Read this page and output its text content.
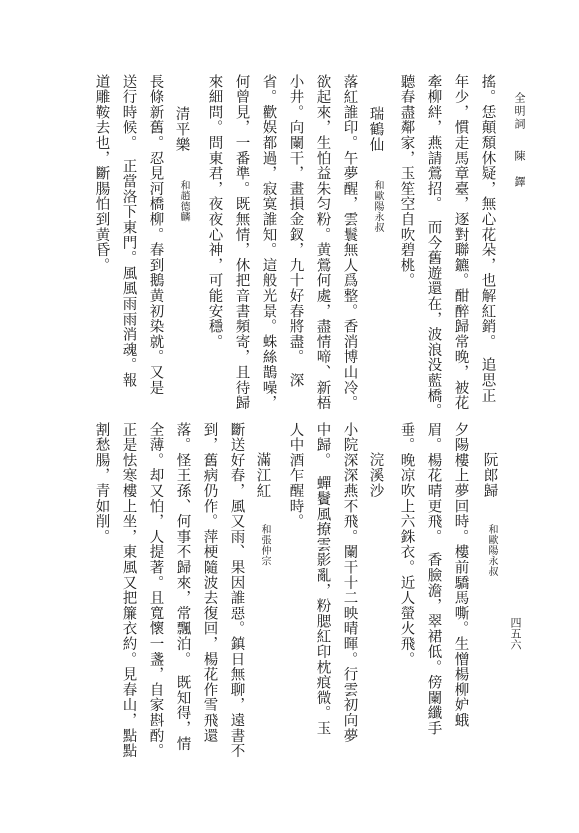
全明詞
陳　鐸
四五六
搖。恁顛頹休疑，無心花朵，也解紅銷。　追思正
年少，慣走馬章臺，逐對聯鑣。酣醉歸常晚，被花
牽柳絆，燕請鶯招。　而今舊遊還在，波浪没藍橋。
聽春盡鄰家，玉笙空自吹碧桃。
瑞鶴仙
和歐陽永叔
落紅誰印。午夢醒，雲鬟無人爲整。香消博山冷。
欲起來，生怕益朱匀粉。黄鶯何處，盡情啼、新梧
小井。向闌干，畫損金釵，九十好春將盡。　深
省。歡娱都過，寂寞誰知。這般光景。蛛絲鵲噪，
何曾見，一番準。既無情，休把音書頻寄，且待歸
來細問。問東君，夜夜心神，可能安穩。
清平樂
和趙德麟
長條新舊。忍見河橋柳。春到鵝黄初染就。又是
送行時候。　正當洛下東門。風風雨雨消魂。報
道雕鞍去也，斷腸怕到黄昏。
阮郎歸
和歐陽永叔
夕陽樓上夢回時。樓前驕馬嘶。生憎楊柳妒蛾
眉。楊花晴更飛。　香臉澹，翠裙低。傍闌纖手
垂。晚凉吹上六銖衣。近人螢火飛。
浣溪沙
小院深深燕不飛。闌干十二映晴暉。行雲初向夢
中歸。　蟬鬢風撩雲影亂，粉腮紅印枕痕微。玉
人中酒乍醒時。
滿江紅
和張仲宗
斷送好春，風又雨、果因誰惡。鎮日無聊，遠書不
到，舊病仍作。萍梗隨波去復回，楊花作雪飛還
落。怪王孫、何事不歸來，常飄泊。　既知得，情
全薄。却又怕，人提著。且寬懷一盞，自家斟酌。
正是怯寒樓上坐，東風又把簾衣約。見春山，點點
割愁腸，青如削。
